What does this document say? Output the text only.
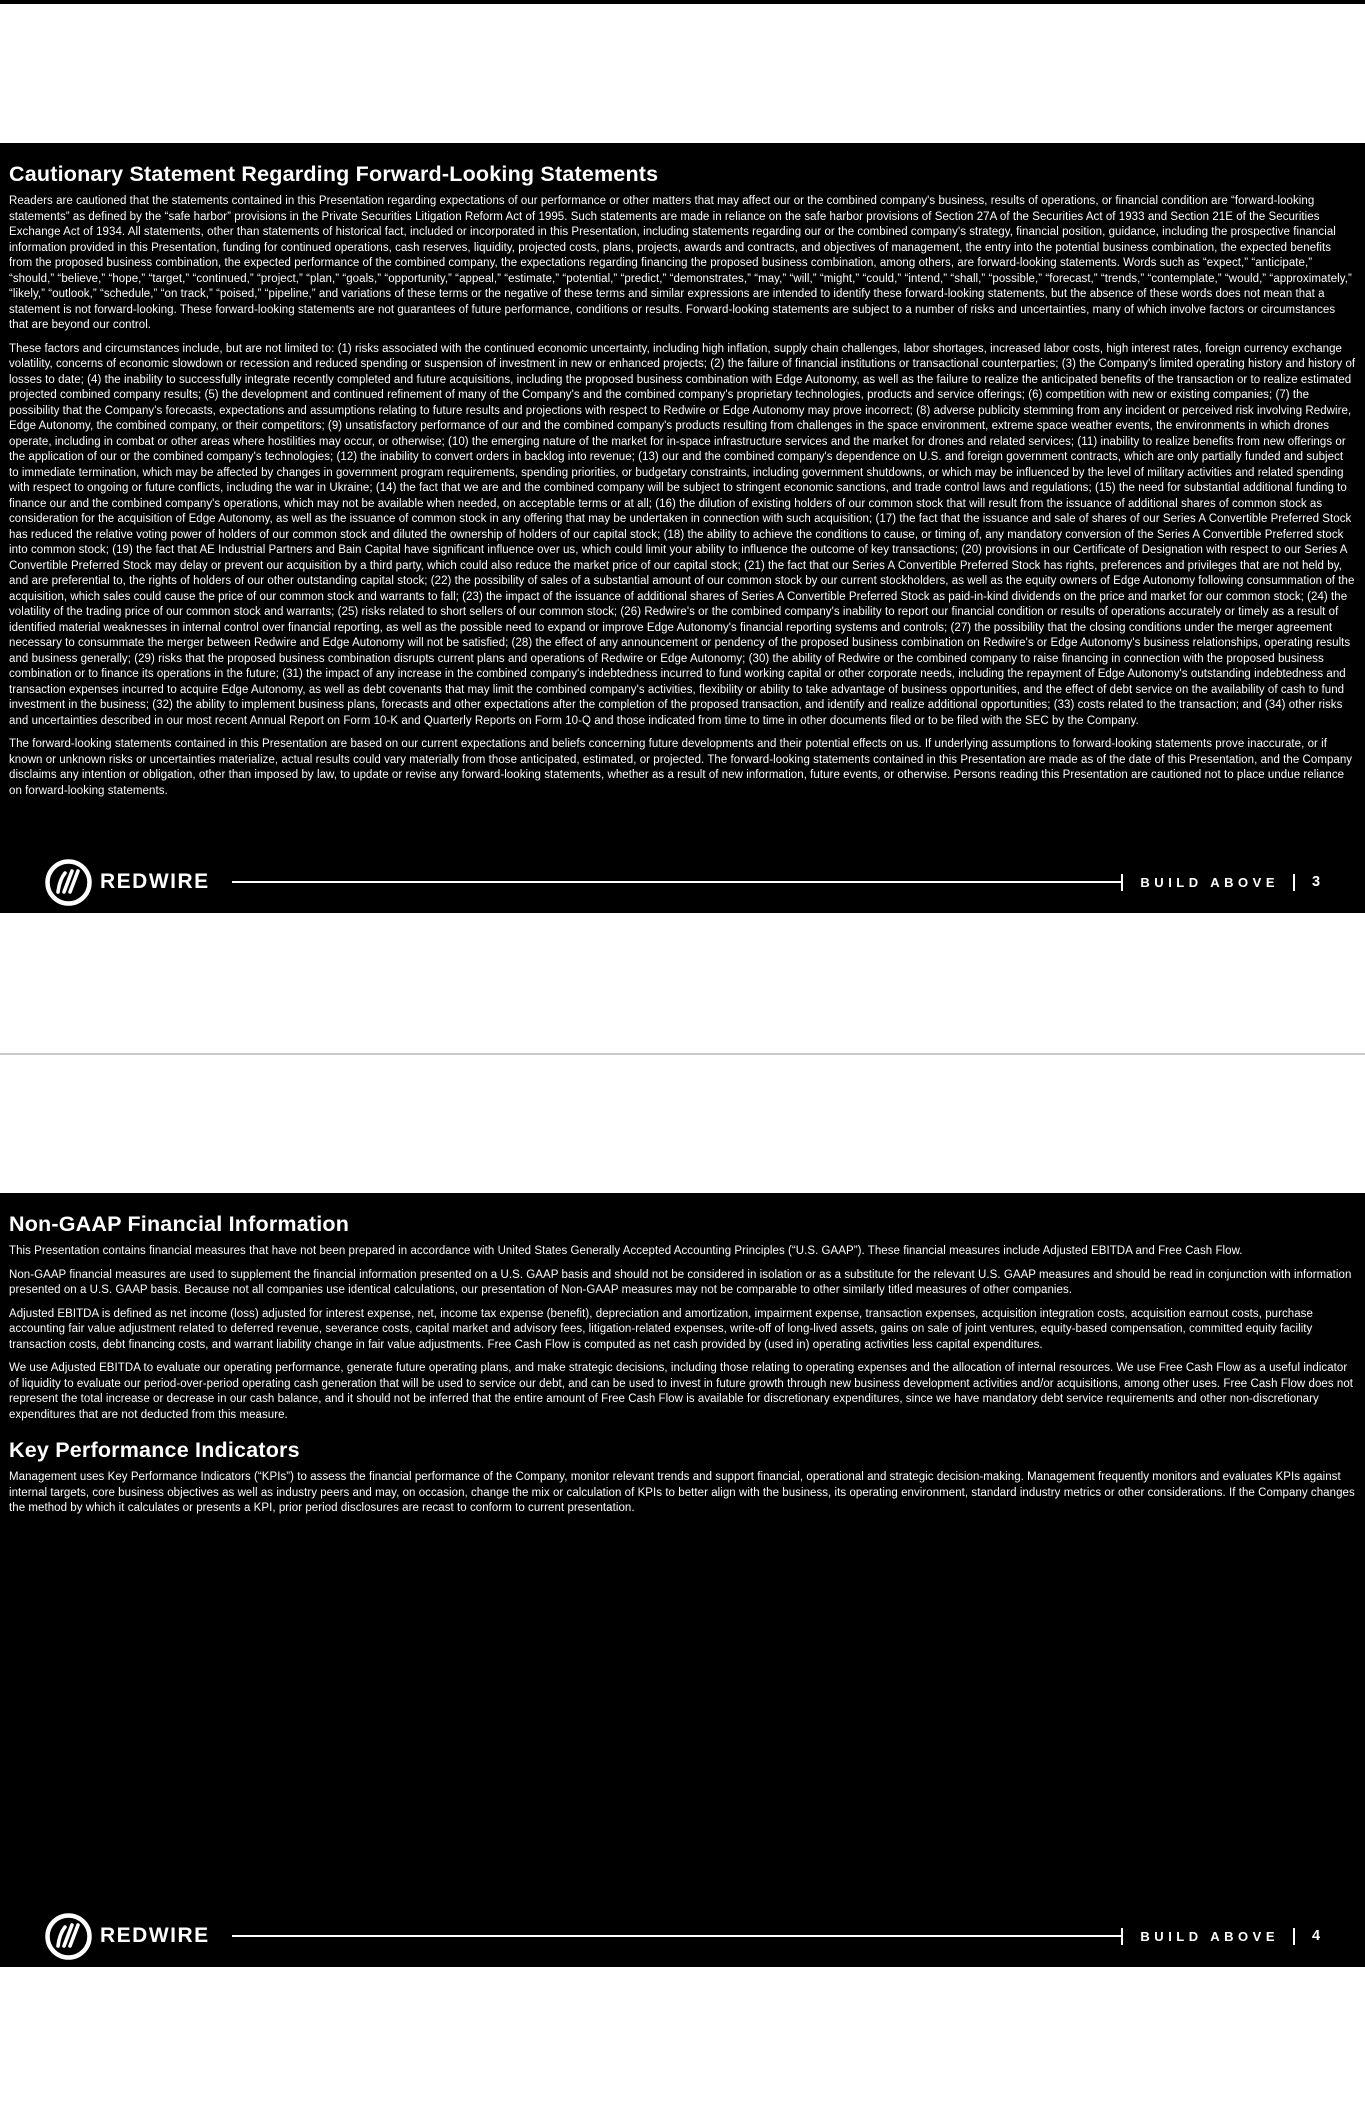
Cautionary Statement Regarding Forward-Looking Statements

Readers are cautioned that the statements contained in this Presentation regarding expectations of our performance or other matters that may affect our or the combined company's business, results of operations, or financial condition are “forward-looking statements” as defined by the “safe harbor” provisions in the Private Securities Litigation Reform Act of 1995. Such statements are made in reliance on the safe harbor provisions of Section 27A of the Securities Act of 1933 and Section 21E of the Securities Exchange Act of 1934. All statements, other than statements of historical fact, included or incorporated in this Presentation, including statements regarding our or the combined company's strategy, financial position, guidance, including the prospective financial information provided in this Presentation, funding for continued operations, cash reserves, liquidity, projected costs, plans, projects, awards and contracts, and objectives of management, the entry into the potential business combination, the expected benefits from the proposed business combination, the expected performance of the combined company, the expectations regarding financing the proposed business combination, among others, are forward-looking statements. Words such as “expect,” “anticipate,” “should,” “believe,” “hope,” “target,” “continued,” “project,” “plan,” “goals,” “opportunity,” “appeal,” “estimate,” “potential,” “predict,” “demonstrates,” “may,” “will,” “might,” “could,” “intend,” “shall,” “possible,” “forecast,” “trends,” “contemplate,” “would,” “approximately,” “likely,” “outlook,” “schedule,” “on track,” “poised,” “pipeline,” and variations of these terms or the negative of these terms and similar expressions are intended to identify these forward-looking statements, but the absence of these words does not mean that a statement is not forward-looking. These forward-looking statements are not guarantees of future performance, conditions or results. Forward-looking statements are subject to a number of risks and uncertainties, many of which involve factors or circumstances that are beyond our control.

These factors and circumstances include, but are not limited to: (1) risks associated with the continued economic uncertainty, including high inflation, supply chain challenges, labor shortages, increased labor costs, high interest rates, foreign currency exchange volatility, concerns of economic slowdown or recession and reduced spending or suspension of investment in new or enhanced projects; (2) the failure of financial institutions or transactional counterparties; (3) the Company's limited operating history and history of losses to date; (4) the inability to successfully integrate recently completed and future acquisitions, including the proposed business combination with Edge Autonomy, as well as the failure to realize the anticipated benefits of the transaction or to realize estimated projected combined company results; (5) the development and continued refinement of many of the Company's and the combined company's proprietary technologies, products and service offerings; (6) competition with new or existing companies; (7) the possibility that the Company's forecasts, expectations and assumptions relating to future results and projections with respect to Redwire or Edge Autonomy may prove incorrect; (8) adverse publicity stemming from any incident or perceived risk involving Redwire, Edge Autonomy, the combined company, or their competitors; (9) unsatisfactory performance of our and the combined company's products resulting from challenges in the space environment, extreme space weather events, the environments in which drones operate, including in combat or other areas where hostilities may occur, or otherwise; (10) the emerging nature of the market for in-space infrastructure services and the market for drones and related services; (11) inability to realize benefits from new offerings or the application of our or the combined company's technologies; (12) the inability to convert orders in backlog into revenue; (13) our and the combined company's dependence on U.S. and foreign government contracts, which are only partially funded and subject to immediate termination, which may be affected by changes in government program requirements, spending priorities, or budgetary constraints, including government shutdowns, or which may be influenced by the level of military activities and related spending with respect to ongoing or future conflicts, including the war in Ukraine; (14) the fact that we are and the combined company will be subject to stringent economic sanctions, and trade control laws and regulations; (15) the need for substantial additional funding to finance our and the combined company's operations, which may not be available when needed, on acceptable terms or at all; (16) the dilution of existing holders of our common stock that will result from the issuance of additional shares of common stock as consideration for the acquisition of Edge Autonomy, as well as the issuance of common stock in any offering that may be undertaken in connection with such acquisition; (17) the fact that the issuance and sale of shares of our Series A Convertible Preferred Stock has reduced the relative voting power of holders of our common stock and diluted the ownership of holders of our capital stock; (18) the ability to achieve the conditions to cause, or timing of, any mandatory conversion of the Series A Convertible Preferred stock into common stock; (19) the fact that AE Industrial Partners and Bain Capital have significant influence over us, which could limit your ability to influence the outcome of key transactions; (20) provisions in our Certificate of Designation with respect to our Series A Convertible Preferred Stock may delay or prevent our acquisition by a third party, which could also reduce the market price of our capital stock; (21) the fact that our Series A Convertible Preferred Stock has rights, preferences and privileges that are not held by, and are preferential to, the rights of holders of our other outstanding capital stock; (22) the possibility of sales of a substantial amount of our common stock by our current stockholders, as well as the equity owners of Edge Autonomy following consummation of the acquisition, which sales could cause the price of our common stock and warrants to fall; (23) the impact of the issuance of additional shares of Series A Convertible Preferred Stock as paid-in-kind dividends on the price and market for our common stock; (24) the volatility of the trading price of our common stock and warrants; (25) risks related to short sellers of our common stock; (26) Redwire's or the combined company's inability to report our financial condition or results of operations accurately or timely as a result of identified material weaknesses in internal control over financial reporting, as well as the possible need to expand or improve Edge Autonomy's financial reporting systems and controls; (27) the possibility that the closing conditions under the merger agreement necessary to consummate the merger between Redwire and Edge Autonomy will not be satisfied; (28) the effect of any announcement or pendency of the proposed business combination on Redwire's or Edge Autonomy's business relationships, operating results and business generally; (29) risks that the proposed business combination disrupts current plans and operations of Redwire or Edge Autonomy; (30) the ability of Redwire or the combined company to raise financing in connection with the proposed business combination or to finance its operations in the future; (31) the impact of any increase in the combined company's indebtedness incurred to fund working capital or other corporate needs, including the repayment of Edge Autonomy's outstanding indebtedness and transaction expenses incurred to acquire Edge Autonomy, as well as debt covenants that may limit the combined company's activities, flexibility or ability to take advantage of business opportunities, and the effect of debt service on the availability of cash to fund investment in the business; (32) the ability to implement business plans, forecasts and other expectations after the completion of the proposed transaction, and identify and realize additional opportunities; (33) costs related to the transaction; and (34) other risks and uncertainties described in our most recent Annual Report on Form 10-K and Quarterly Reports on Form 10-Q and those indicated from time to time in other documents filed or to be filed with the SEC by the Company.

The forward-looking statements contained in this Presentation are based on our current expectations and beliefs concerning future developments and their potential effects on us. If underlying assumptions to forward-looking statements prove inaccurate, or if known or unknown risks or uncertainties materialize, actual results could vary materially from those anticipated, estimated, or projected. The forward-looking statements contained in this Presentation are made as of the date of this Presentation, and the Company disclaims any intention or obligation, other than imposed by law, to update or revise any forward-looking statements, whether as a result of new information, future events, or otherwise. Persons reading this Presentation are cautioned not to place undue reliance on forward-looking statements.

REDWIRE	BUILD ABOVE	3
Non-GAAP Financial Information

This Presentation contains financial measures that have not been prepared in accordance with United States Generally Accepted Accounting Principles (“U.S. GAAP”). These financial measures include Adjusted EBITDA and Free Cash Flow.

Non-GAAP financial measures are used to supplement the financial information presented on a U.S. GAAP basis and should not be considered in isolation or as a substitute for the relevant U.S. GAAP measures and should be read in conjunction with information presented on a U.S. GAAP basis. Because not all companies use identical calculations, our presentation of Non-GAAP measures may not be comparable to other similarly titled measures of other companies.

Adjusted EBITDA is defined as net income (loss) adjusted for interest expense, net, income tax expense (benefit), depreciation and amortization, impairment expense, transaction expenses, acquisition integration costs, acquisition earnout costs, purchase accounting fair value adjustment related to deferred revenue, severance costs, capital market and advisory fees, litigation-related expenses, write-off of long-lived assets, gains on sale of joint ventures, equity-based compensation, committed equity facility transaction costs, debt financing costs, and warrant liability change in fair value adjustments. Free Cash Flow is computed as net cash provided by (used in) operating activities less capital expenditures.

We use Adjusted EBITDA to evaluate our operating performance, generate future operating plans, and make strategic decisions, including those relating to operating expenses and the allocation of internal resources. We use Free Cash Flow as a useful indicator of liquidity to evaluate our period-over-period operating cash generation that will be used to service our debt, and can be used to invest in future growth through new business development activities and/or acquisitions, among other uses. Free Cash Flow does not represent the total increase or decrease in our cash balance, and it should not be inferred that the entire amount of Free Cash Flow is available for discretionary expenditures, since we have mandatory debt service requirements and other non-discretionary expenditures that are not deducted from this measure.

Key Performance Indicators

Management uses Key Performance Indicators (“KPIs”) to assess the financial performance of the Company, monitor relevant trends and support financial, operational and strategic decision-making. Management frequently monitors and evaluates KPIs against internal targets, core business objectives as well as industry peers and may, on occasion, change the mix or calculation of KPIs to better align with the business, its operating environment, standard industry metrics or other considerations. If the Company changes the method by which it calculates or presents a KPI, prior period disclosures are recast to conform to current presentation.

REDWIRE	BUILD ABOVE	4
